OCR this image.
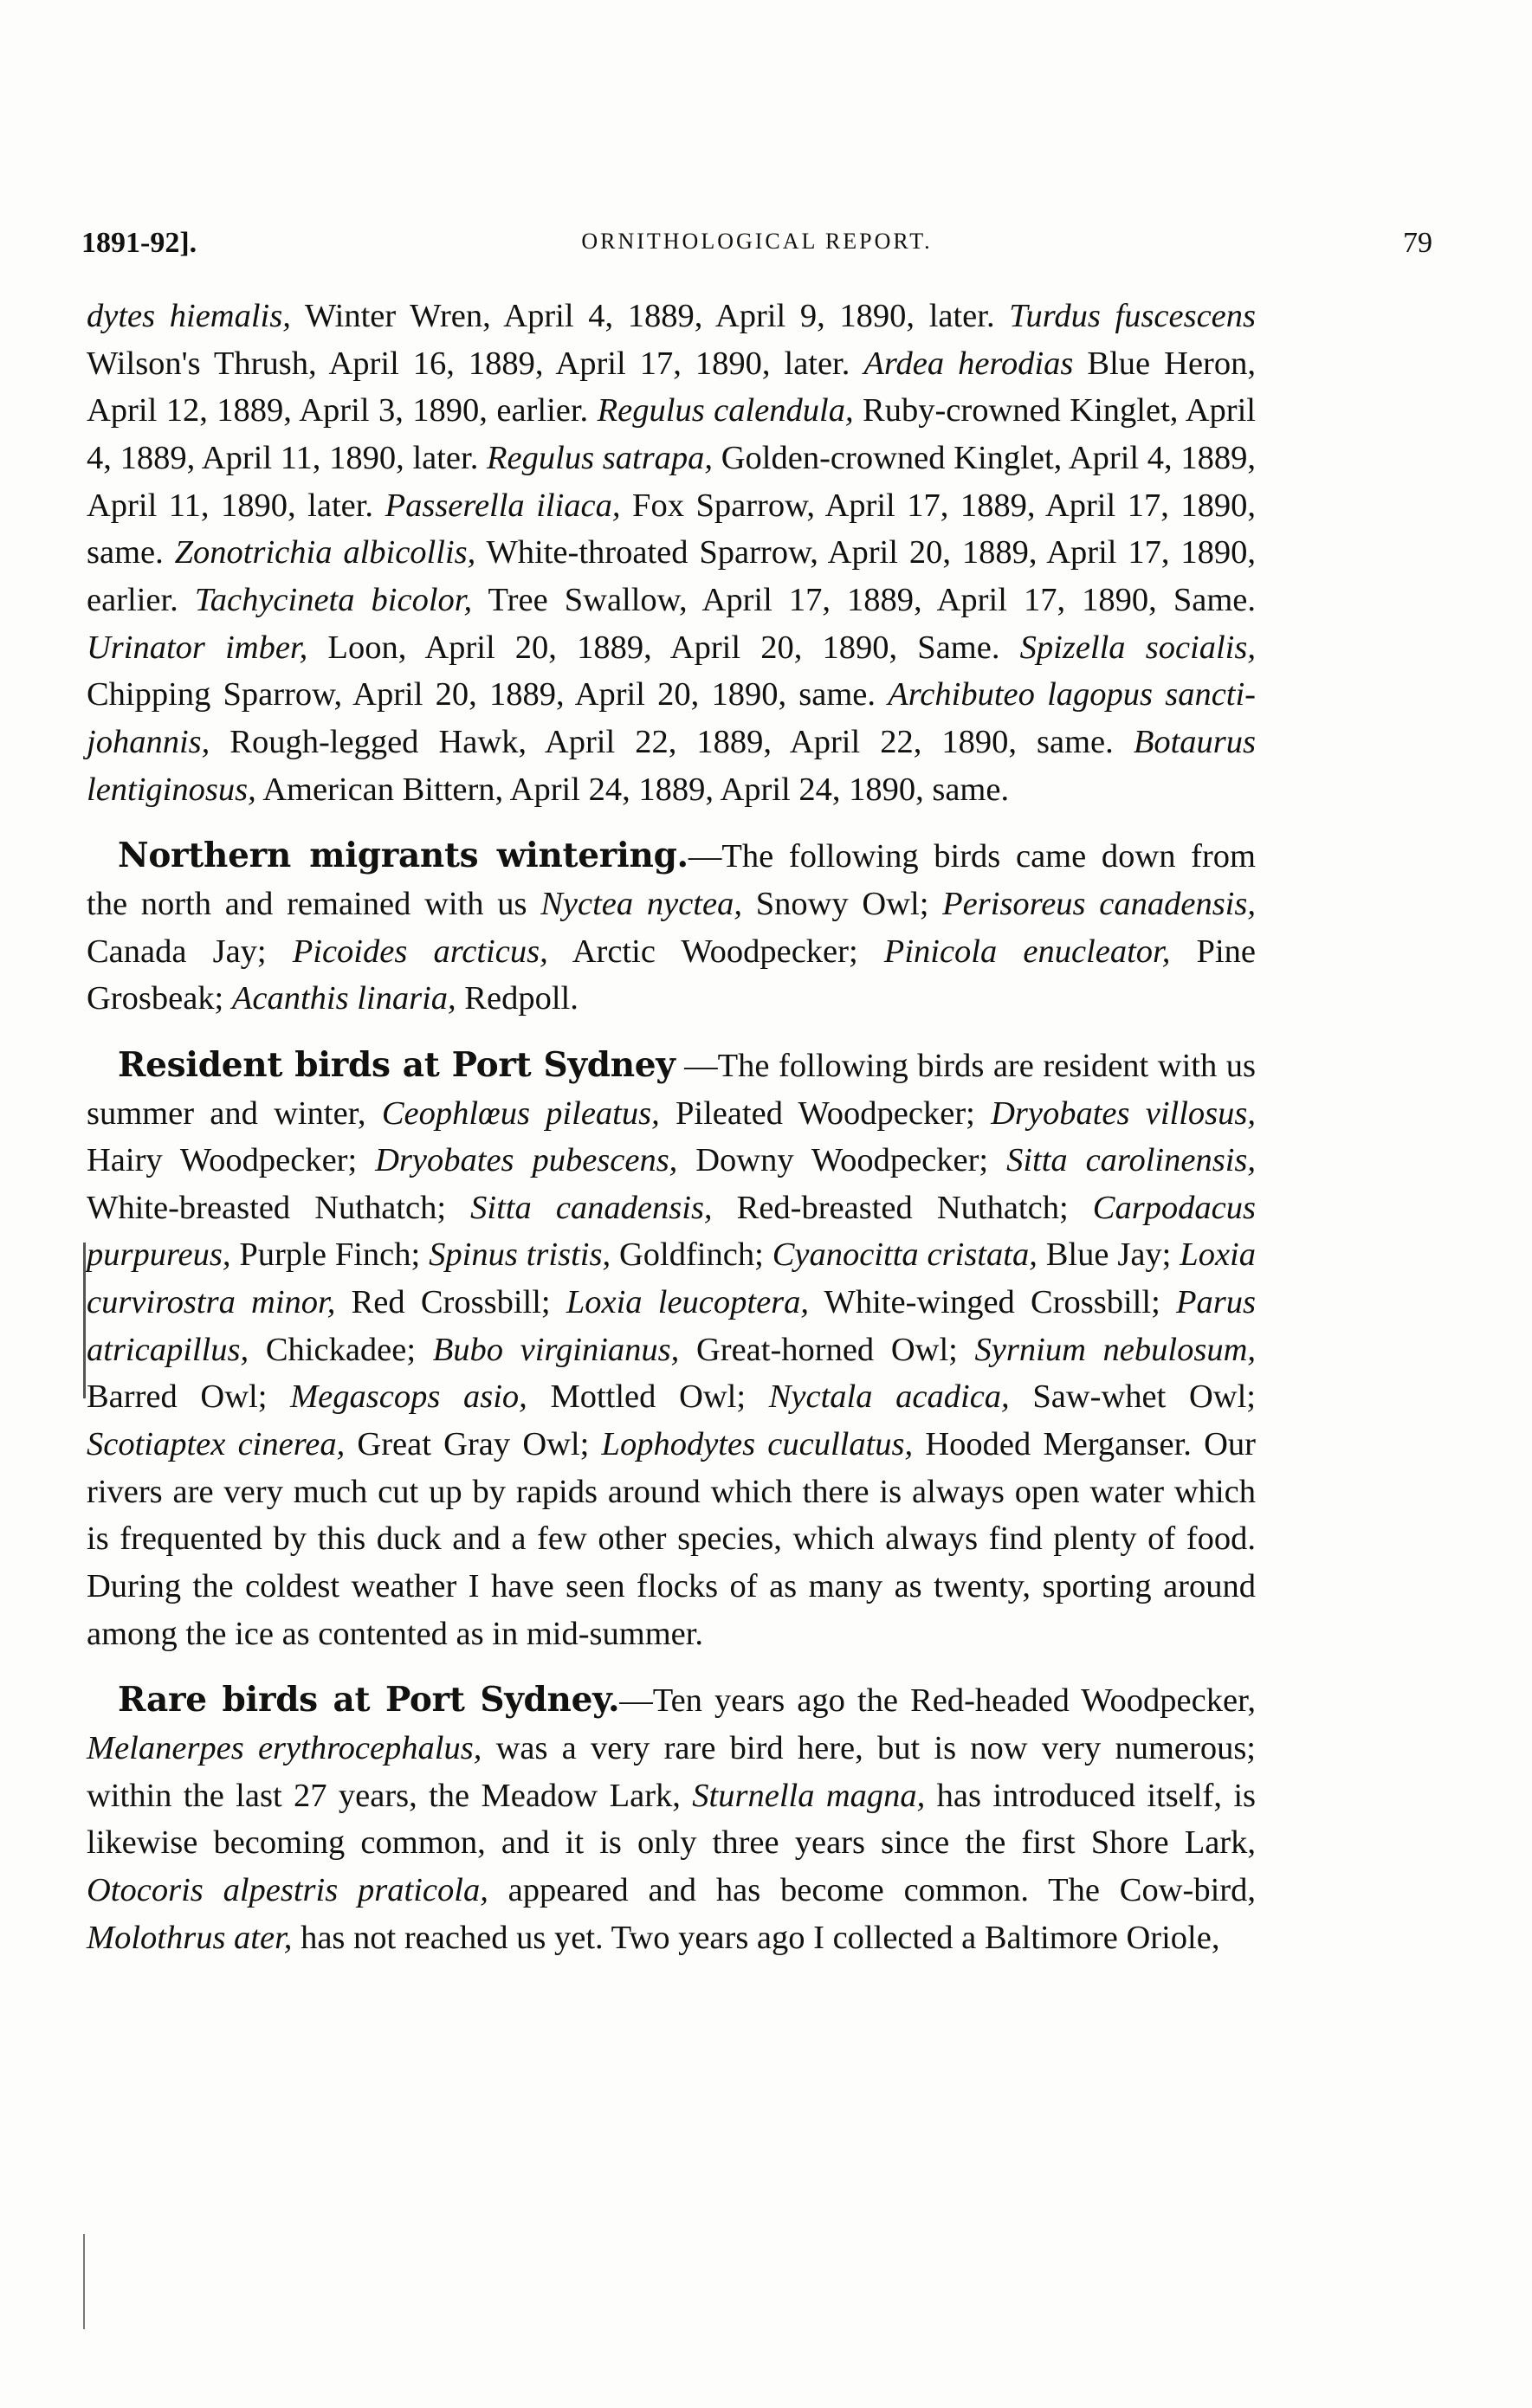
1891-92].	ORNITHOLOGICAL REPORT.	79

dytes hiemalis, Winter Wren, April 4, 1889, April 9, 1890, later. Turdus fuscescens Wilson's Thrush, April 16, 1889, April 17, 1890, later. Ardea herodias Blue Heron, April 12, 1889, April 3, 1890, earlier. Regulus calendula, Ruby-crowned Kinglet, April 4, 1889, April 11, 1890, later. Regulus satrapa, Golden-crowned Kinglet, April 4, 1889, April 11, 1890, later. Passerella iliaca, Fox Sparrow, April 17, 1889, April 17, 1890, same. Zonotrichia albicollis, White-throated Sparrow, April 20, 1889, April 17, 1890, earlier. Tachycineta bicolor, Tree Swallow, April 17, 1889, April 17, 1890, Same. Urinator imber, Loon, April 20, 1889, April 20, 1890, Same. Spizella socialis, Chipping Sparrow, April 20, 1889, April 20, 1890, same. Archibuteo lagopus sancti-johannis, Rough-legged Hawk, April 22, 1889, April 22, 1890, same. Botaurus lentiginosus, American Bittern, April 24, 1889, April 24, 1890, same.

Northern migrants wintering.—The following birds came down from the north and remained with us Nyctea nyctea, Snowy Owl; Perisoreus canadensis, Canada Jay; Picoides arcticus, Arctic Woodpecker; Pinicola enucleator, Pine Grosbeak; Acanthis linaria, Redpoll.

Resident birds at Port Sydney —The following birds are resident with us summer and winter, Ceophlœus pileatus, Pileated Woodpecker; Dryobates villosus, Hairy Woodpecker; Dryobates pubescens, Downy Woodpecker; Sitta carolinensis, White-breasted Nuthatch; Sitta canadensis, Red-breasted Nuthatch; Carpodacus purpureus, Purple Finch; Spinus tristis, Goldfinch; Cyanocitta cristata, Blue Jay; Loxia curvirostra minor, Red Crossbill; Loxia leucoptera, White-winged Crossbill; Parus atricapillus, Chickadee; Bubo virginianus, Great-horned Owl; Syrnium nebulosum, Barred Owl; Megascops asio, Mottled Owl; Nyctala acadica, Saw-whet Owl; Scotiaptex cinerea, Great Gray Owl; Lophodytes cucullatus, Hooded Merganser. Our rivers are very much cut up by rapids around which there is always open water which is frequented by this duck and a few other species, which always find plenty of food. During the coldest weather I have seen flocks of as many as twenty, sporting around among the ice as contented as in mid-summer.

Rare birds at Port Sydney.—Ten years ago the Red-headed Woodpecker, Melanerpes erythrocephalus, was a very rare bird here, but is now very numerous; within the last 27 years, the Meadow Lark, Sturnella magna, has introduced itself, is likewise becoming common, and it is only three years since the first Shore Lark, Otocoris alpestris praticola, appeared and has become common. The Cow-bird, Molothrus ater, has not reached us yet. Two years ago I collected a Baltimore Oriole,
